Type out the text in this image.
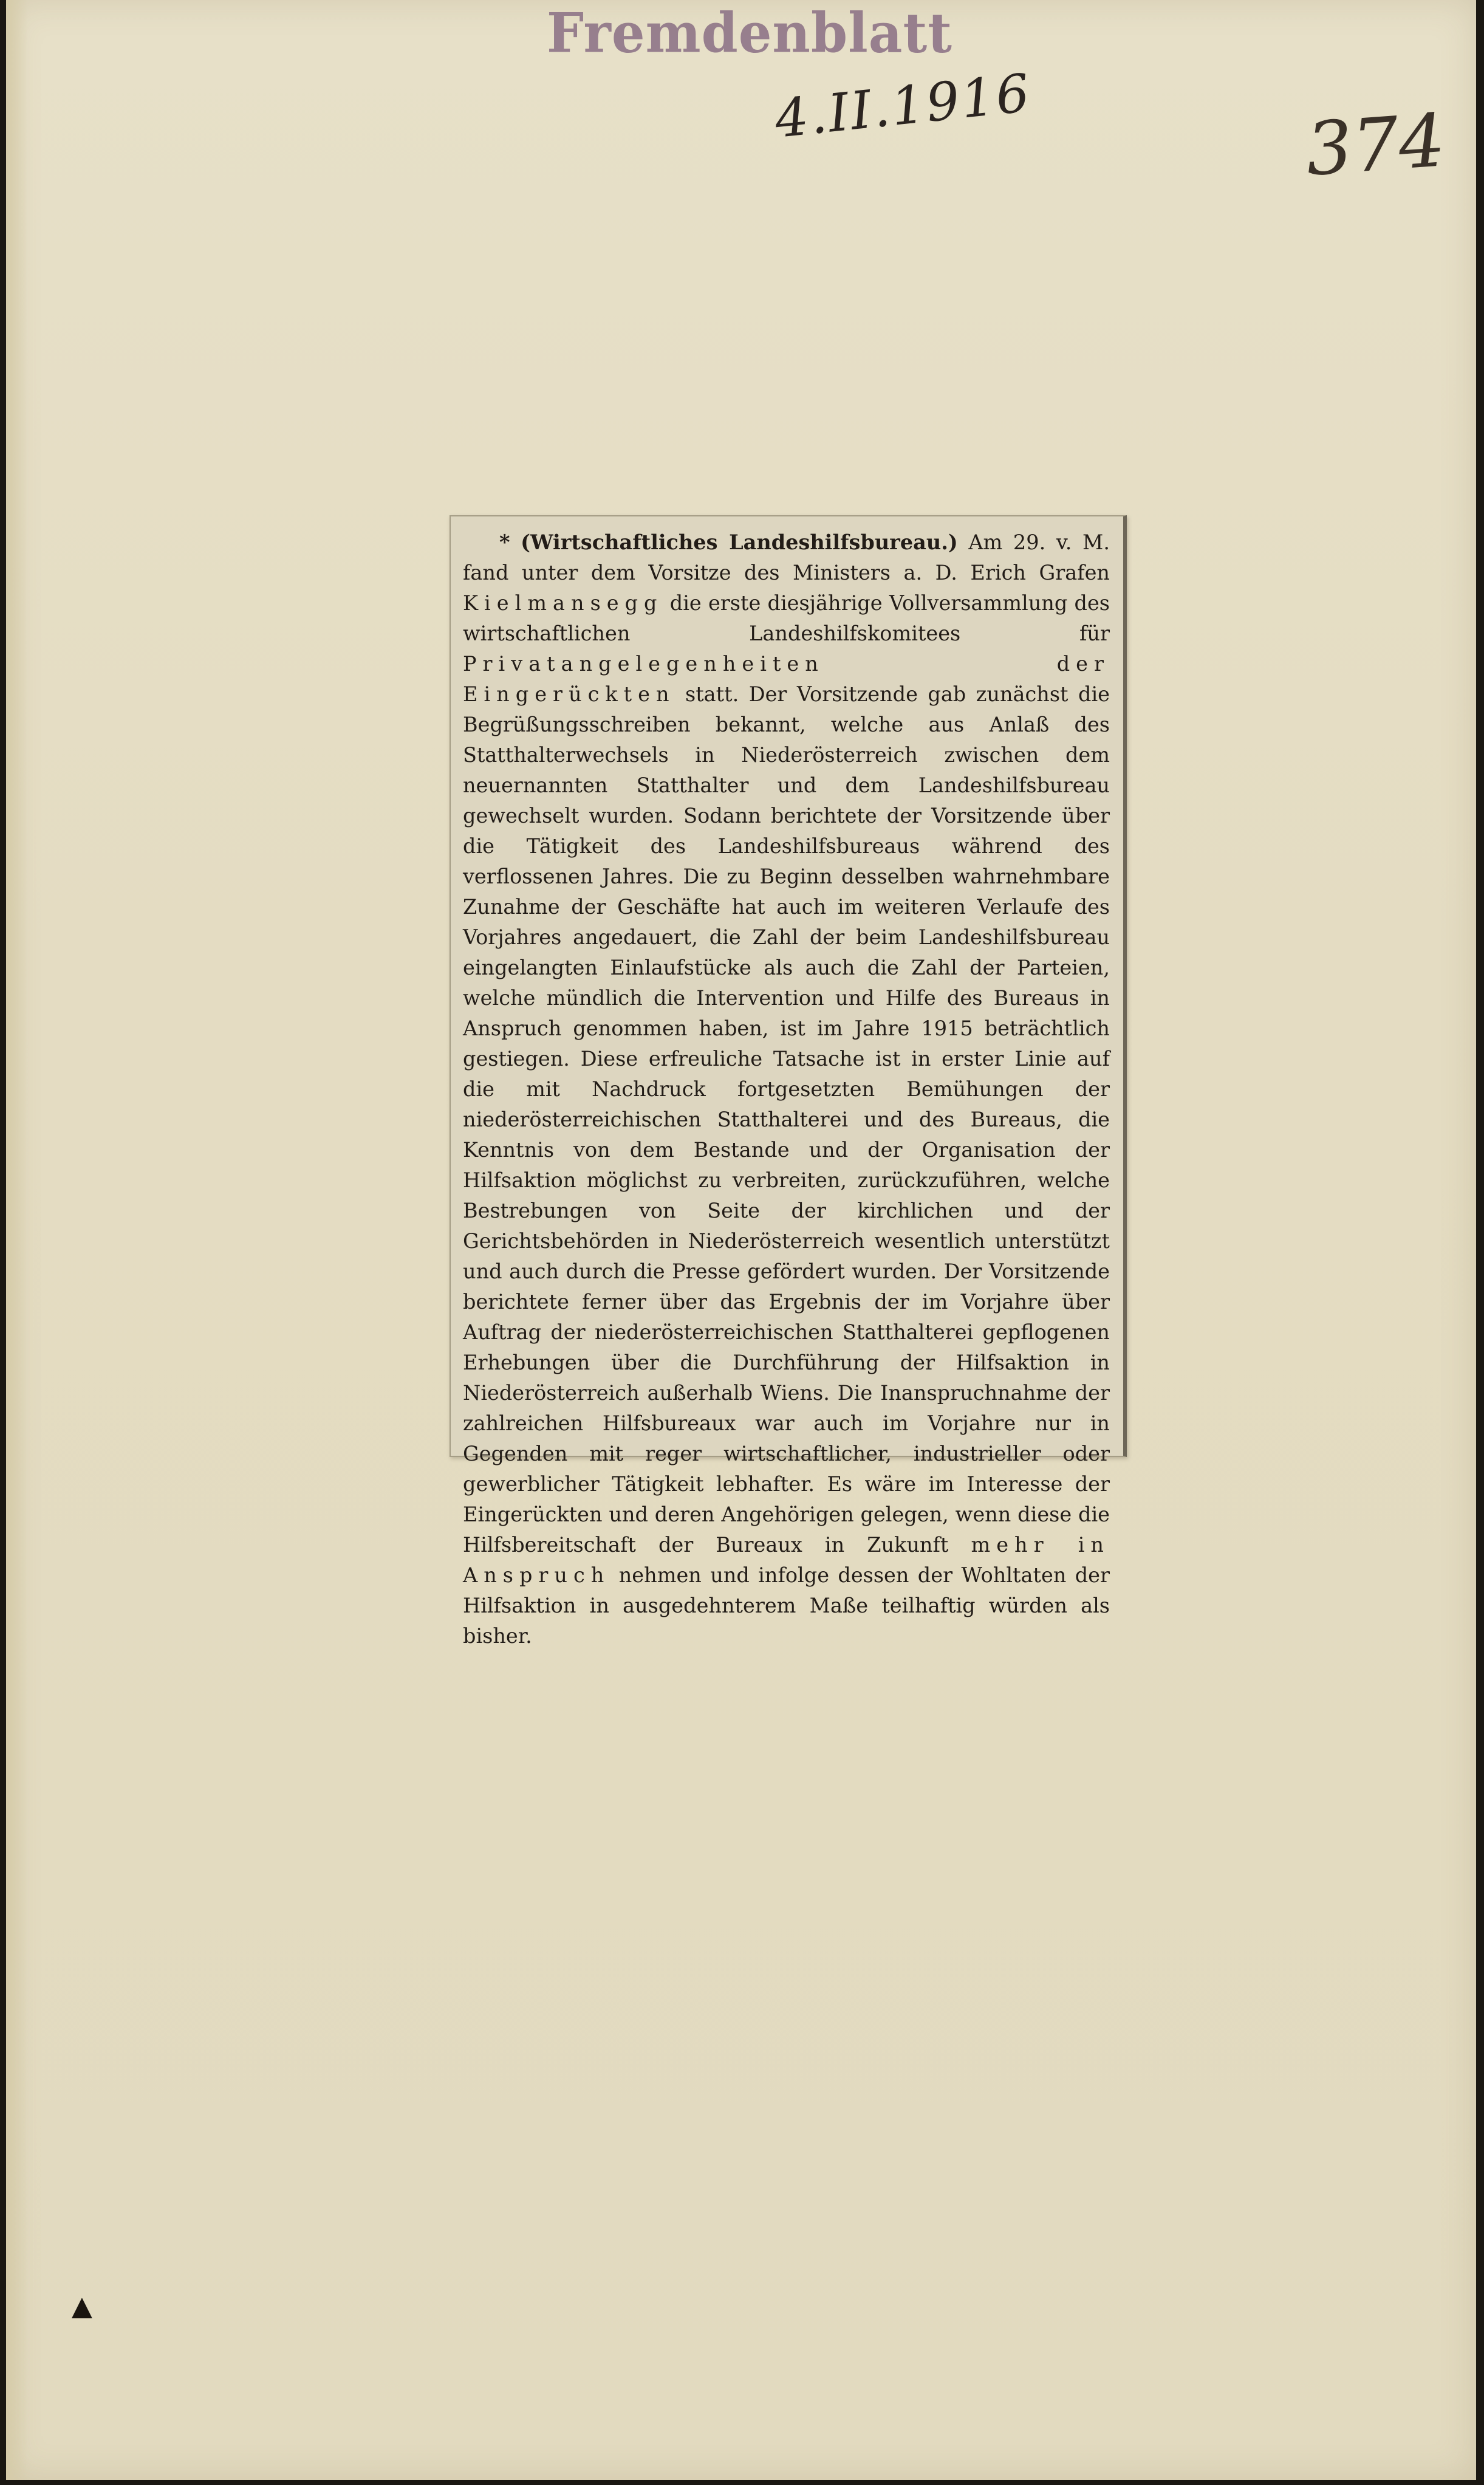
Fremdenblatt
4.II.1916	374

* (Wirtschaftliches Landeshilfsbureau.) Am 29. v. M. fand unter dem Vorsitze des Ministers a. D. Erich Grafen Kielmansegg die erste diesjährige Vollversammlung des wirtschaftlichen Landeshilfskomitees für Privatangelegenheiten der Eingerückten statt. Der Vorsitzende gab zunächst die Begrüßungsschreiben bekannt, welche aus Anlaß des Statthalterwechsels in Niederösterreich zwischen dem neuernannten Statthalter und dem Landeshilfsbureau gewechselt wurden. Sodann berichtete der Vorsitzende über die Tätigkeit des Landeshilfsbureaus während des verflossenen Jahres. Die zu Beginn desselben wahrnehmbare Zunahme der Geschäfte hat auch im weiteren Verlaufe des Vorjahres angedauert, die Zahl der beim Landeshilfsbureau eingelangten Einlaufstücke als auch die Zahl der Parteien, welche mündlich die Intervention und Hilfe des Bureaus in Anspruch genommen haben, ist im Jahre 1915 beträchtlich gestiegen. Diese erfreuliche Tatsache ist in erster Linie auf die mit Nachdruck fortgesetzten Bemühungen der niederösterreichischen Statthalterei und des Bureaus, die Kenntnis von dem Bestande und der Organisation der Hilfsaktion möglichst zu verbreiten, zurückzuführen, welche Bestrebungen von Seite der kirchlichen und der Gerichtsbehörden in Niederösterreich wesentlich unterstützt und auch durch die Presse gefördert wurden. Der Vorsitzende berichtete ferner über das Ergebnis der im Vorjahre über Auftrag der niederösterreichischen Statthalterei gepflogenen Erhebungen über die Durchführung der Hilfsaktion in Niederösterreich außerhalb Wiens. Die Inanspruchnahme der zahlreichen Hilfsbureaux war auch im Vorjahre nur in Gegenden mit reger wirtschaftlicher, industrieller oder gewerblicher Tätigkeit lebhafter. Es wäre im Interesse der Eingerückten und deren Angehörigen gelegen, wenn diese die Hilfsbereitschaft der Bureaux in Zukunft mehr in Anspruch nehmen und infolge dessen der Wohltaten der Hilfsaktion in ausgedehnterem Maße teilhaftig würden als bisher.

▲
